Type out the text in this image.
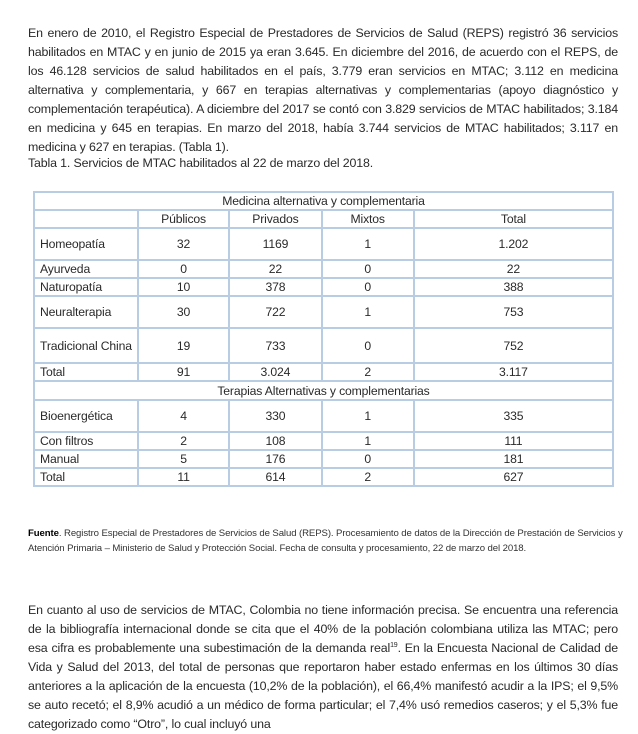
En enero de 2010, el Registro Especial de Prestadores de Servicios de Salud (REPS) registró 36 servicios habilitados en MTAC y en junio de 2015 ya eran 3.645. En diciembre del 2016, de acuerdo con el REPS, de los 46.128 servicios de salud habilitados en el país, 3.779 eran servicios en MTAC; 3.112 en medicina alternativa y complementaria, y 667 en terapias alternativas y complementarias (apoyo diagnóstico y complementación terapéutica). A diciembre del 2017 se contó con 3.829 servicios de MTAC habilitados; 3.184 en medicina y 645 en terapias. En marzo del 2018, había 3.744 servicios de MTAC habilitados; 3.117 en medicina y 627 en terapias. (Tabla 1).

Tabla 1. Servicios de MTAC habilitados al 22 de marzo del 2018.
Medicina alternativa y complementaria				
	Públicos	Privados	Mixtos	Total
Homeopatía	32	1169	1	1.202
Ayurveda	0	22	0	22
Naturopatía	10	378	0	388
Neuralterapia	30	722	1	753
Tradicional China	19	733	0	752
Total	91	3.024	2	3.117
Terapias Alternativas y complementarias				
Bioenergética	4	330	1	335
Con filtros	2	108	1	111
Manual	5	176	0	181
Total	11	614	2	627
Fuente. Registro Especial de Prestadores de Servicios de Salud (REPS). Procesamiento de datos de la Dirección de Prestación de Servicios y Atención Primaria – Ministerio de Salud y Protección Social. Fecha de consulta y procesamiento, 22 de marzo del 2018.

En cuanto al uso de servicios de MTAC, Colombia no tiene información precisa. Se encuentra una referencia de la bibliografía internacional donde se cita que el 40% de la población colombiana utiliza las MTAC; pero esa cifra es probablemente una subestimación de la demanda real$^{19}$. En la Encuesta Nacional de Calidad de Vida y Salud del 2013, del total de personas que reportaron haber estado enfermas en los últimos 30 días anteriores a la aplicación de la encuesta (10,2% de la población), el 66,4% manifestó acudir a la IPS; el 9,5% se auto recetó; el 8,9% acudió a un médico de forma particular; el 7,4% usó remedios caseros; y el 5,3% fue categorizado como “Otro”, lo cual incluyó una
